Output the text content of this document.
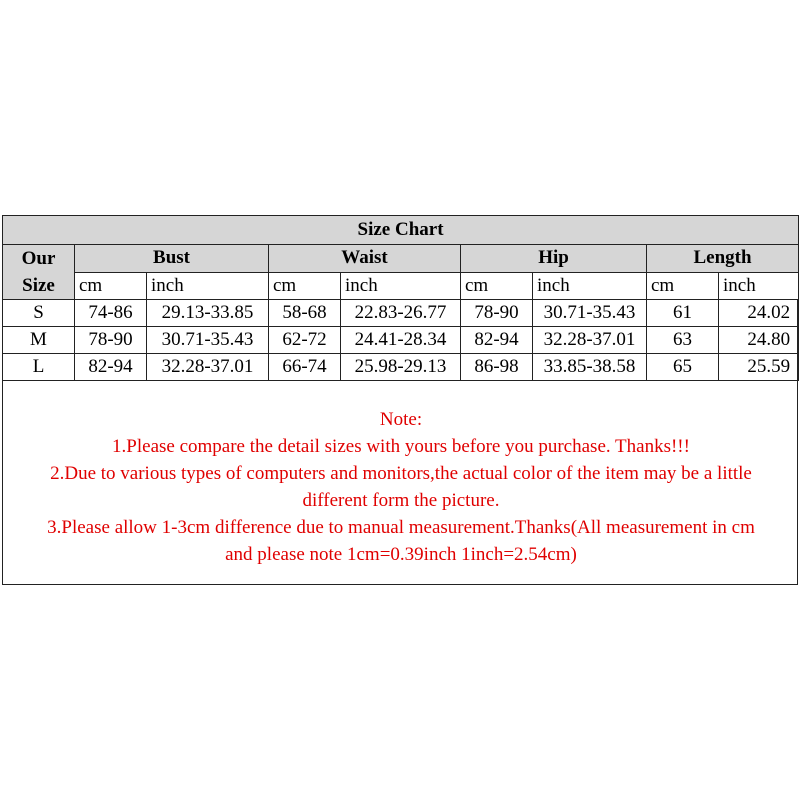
Size Chart								

Our
Size	Bust		Waist		Hip		Length	
	cm	inch	cm	inch	cm	inch	cm	inch
S	74-86	29.13-33.85	58-68	22.83-26.77	78-90	30.71-35.43	61	24.02
M	78-90	30.71-35.43	62-72	24.41-28.34	82-94	32.28-37.01	63	24.80
L	82-94	32.28-37.01	66-74	25.98-29.13	86-98	33.85-38.58	65	25.59
Note:
1.Please compare the detail sizes with yours before you purchase. Thanks!!!
2.Due to various types of computers and monitors,the actual color of the item may be a little
different form the picture.
3.Please allow 1-3cm difference due to manual measurement.Thanks(All measurement in cm
and please note 1cm=0.39inch 1inch=2.54cm)
